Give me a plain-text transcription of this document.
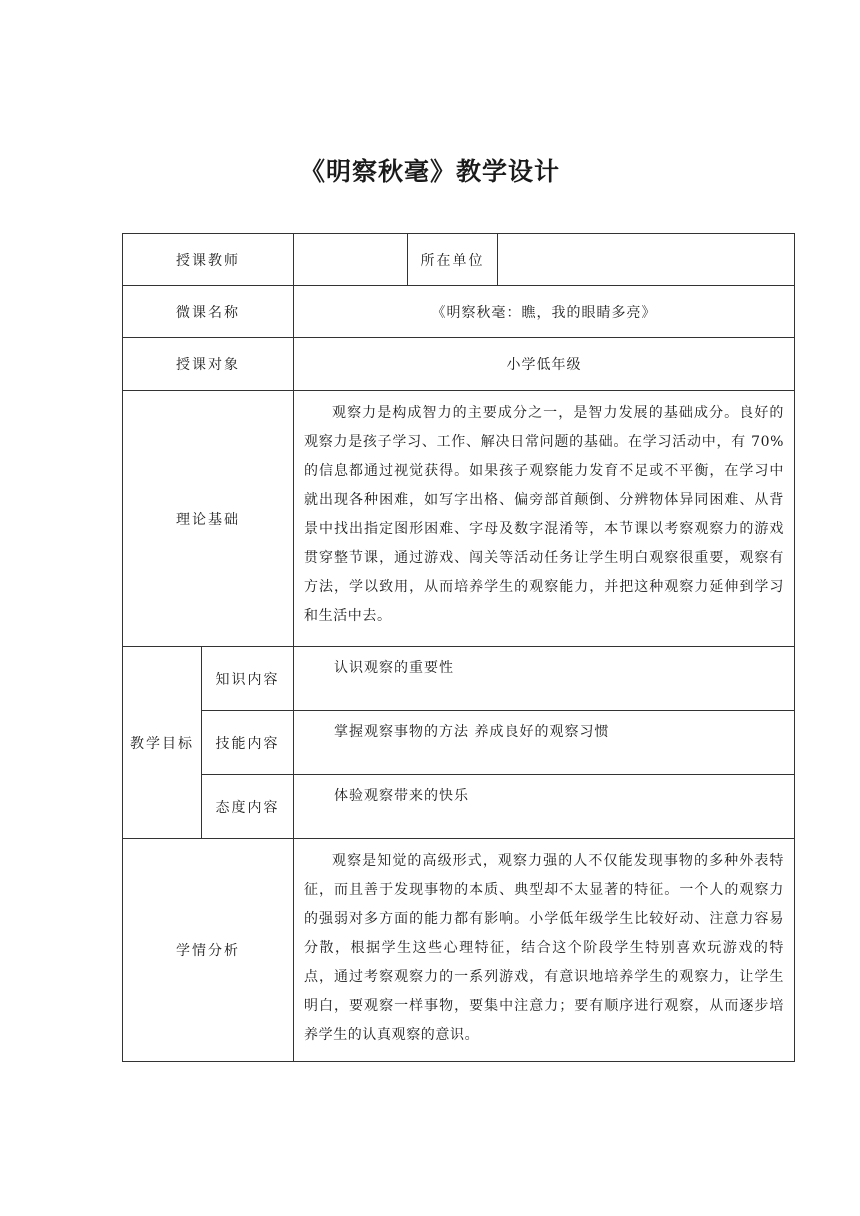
《明察秋毫》教学设计
授课教师			所在单位	
微课名称		《明察秋毫：瞧，我的眼睛多亮》		
授课对象		小学低年级		
理论基础		观察力是构成智力的主要成分之一，是智力发展的基础成分。良好的观察力是孩子学习、工作、解决日常问题的基础。在学习活动中，有 70% 的信息都通过视觉获得。如果孩子观察能力发育不足或不平衡，在学习中就出现各种困难，如写字出格、偏旁部首颠倒、分辨物体异同困难、从背景中找出指定图形困难、字母及数字混淆等，本节课以考察观察力的游戏贯穿整节课，通过游戏、闯关等活动任务让学生明白观察很重要，观察有方法，学以致用，从而培养学生的观察能力，并把这种观察力延伸到学习和生活中去。		
教学目标	知识内容	认识观察的重要性		
	技能内容	掌握观察事物的方法 养成良好的观察习惯		
	态度内容	体验观察带来的快乐		
学情分析		观察是知觉的高级形式，观察力强的人不仅能发现事物的多种外表特征，而且善于发现事物的本质、典型却不太显著的特征。一个人的观察力的强弱对多方面的能力都有影响。小学低年级学生比较好动、注意力容易分散，根据学生这些心理特征，结合这个阶段学生特别喜欢玩游戏的特点，通过考察观察力的一系列游戏，有意识地培养学生的观察力，让学生明白，要观察一样事物，要集中注意力；要有顺序进行观察，从而逐步培养学生的认真观察的意识。		
